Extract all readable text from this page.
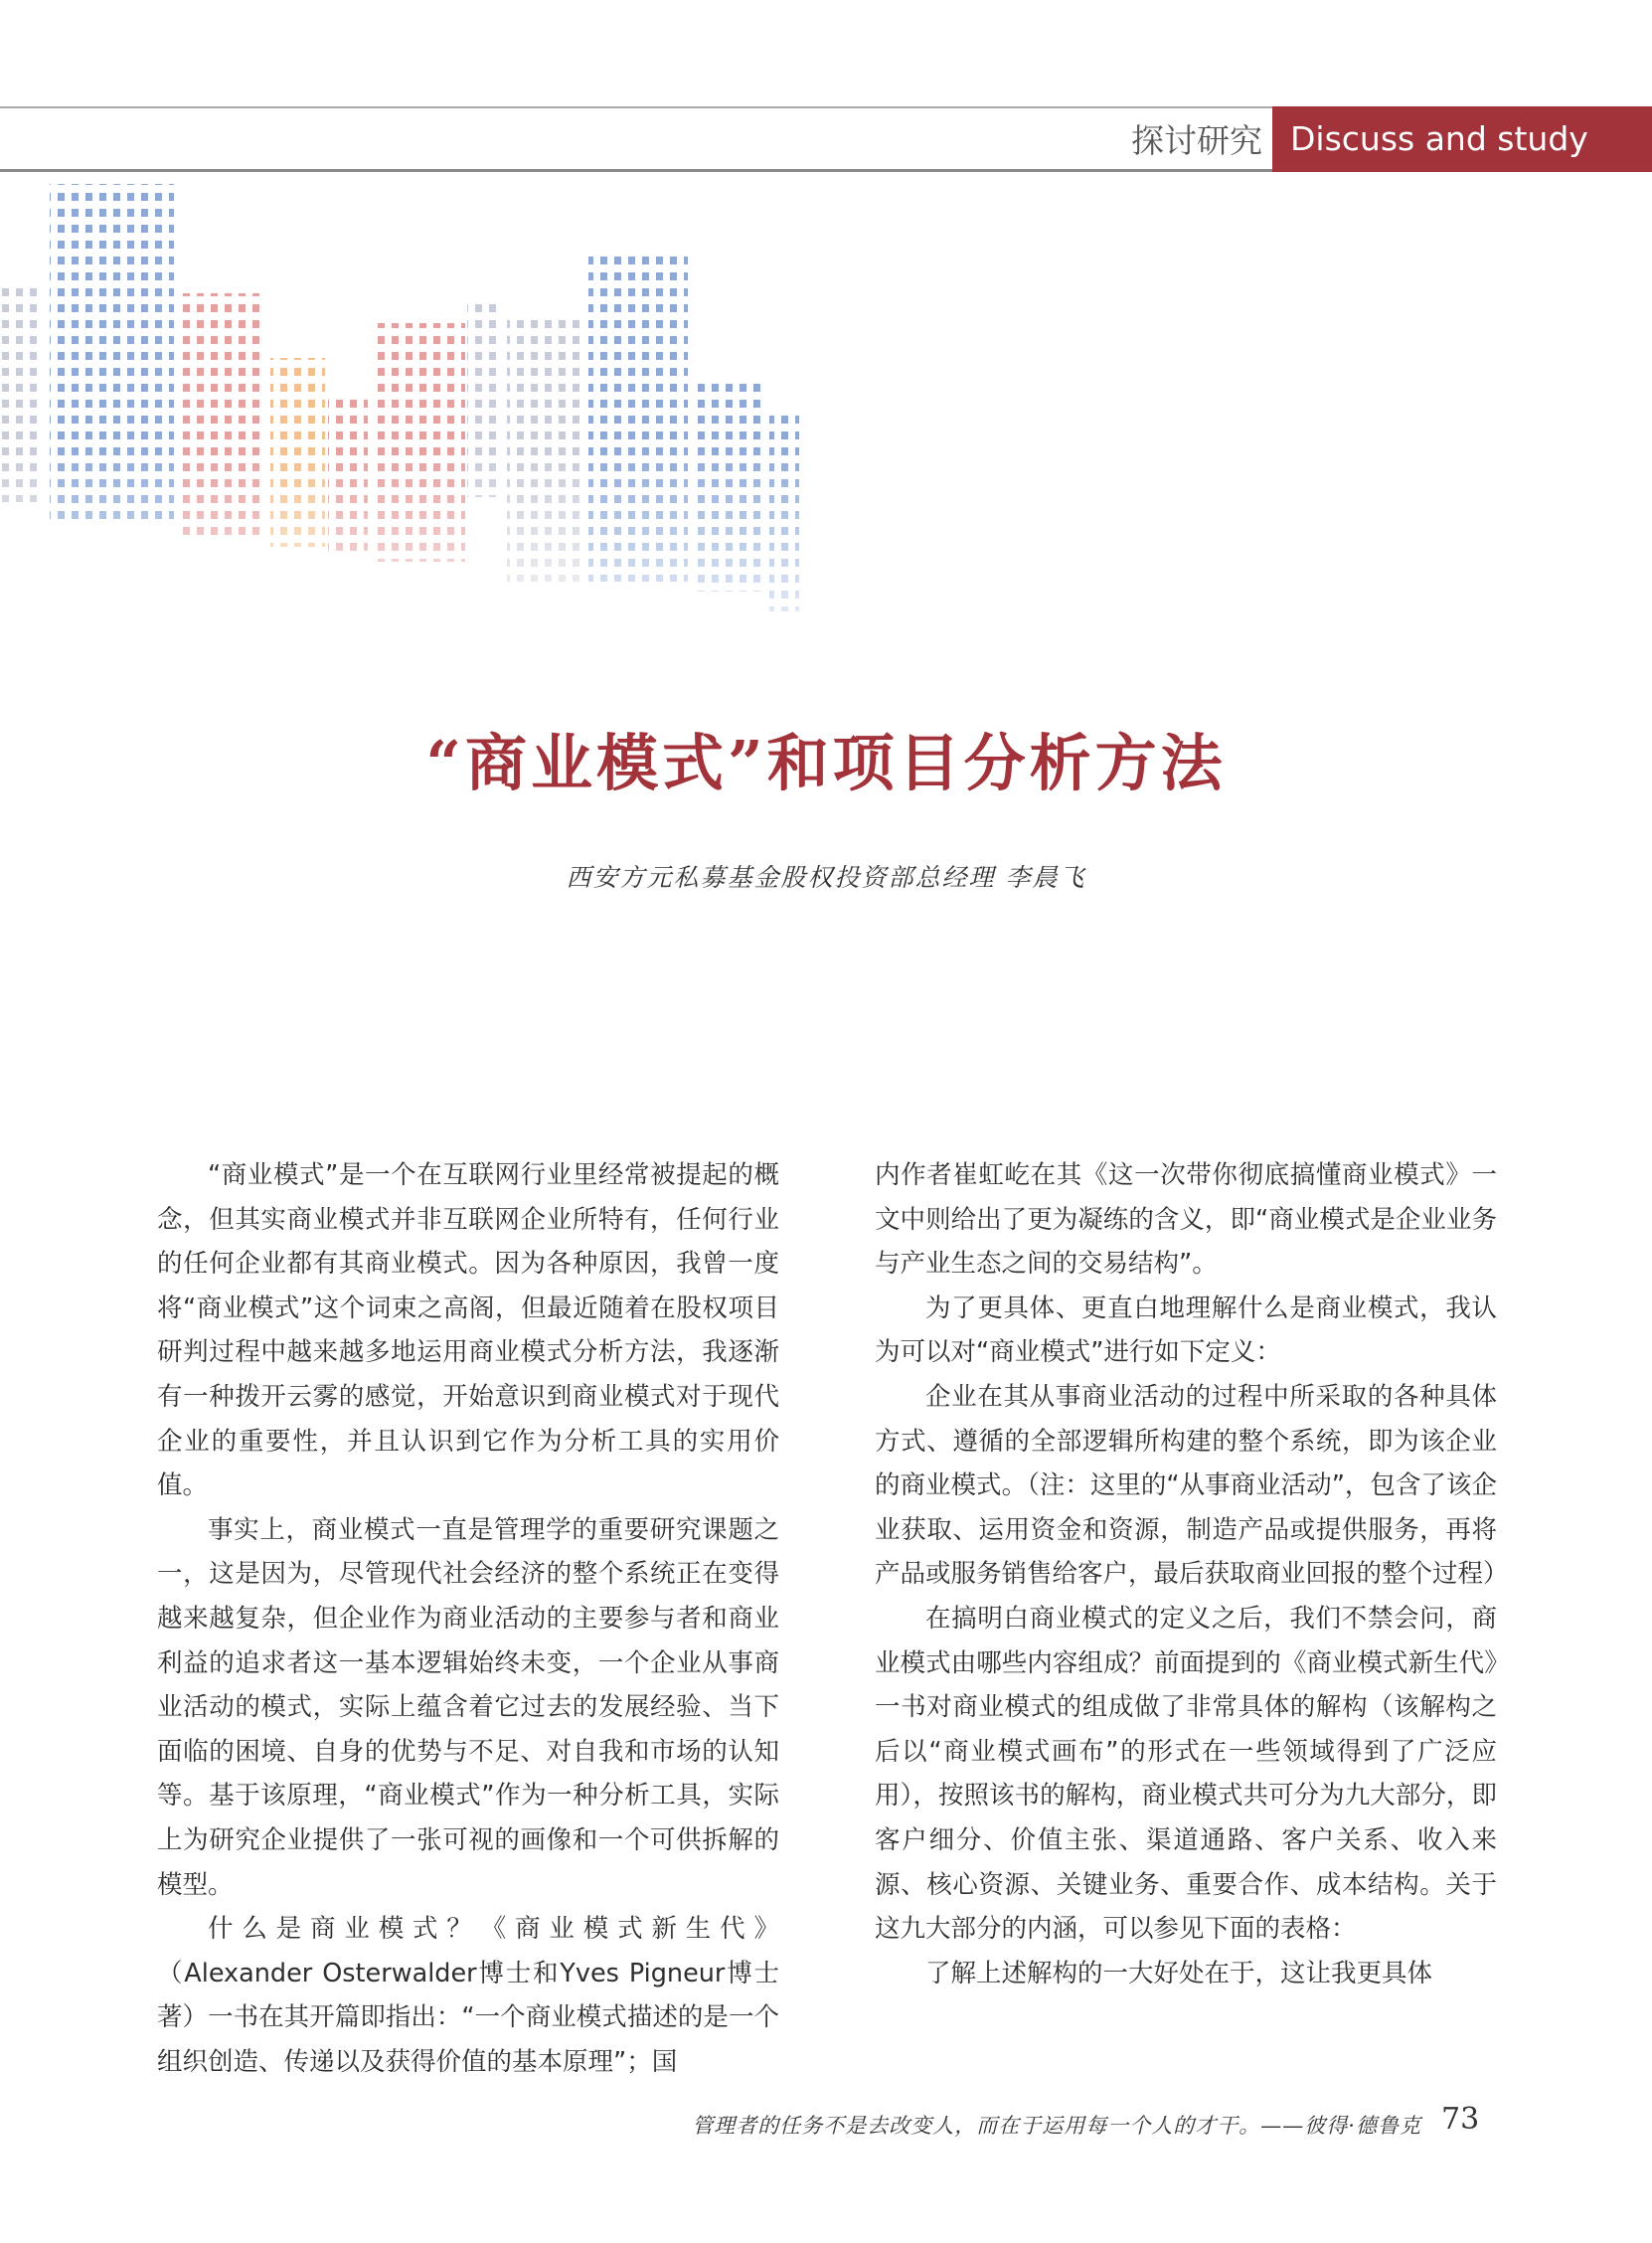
探讨研究 Discuss and study
“商业模式”和项目分析方法
西安方元私募基金股权投资部总经理 李晨飞

“商业模式”是一个在互联网行业里经常被提起的概念，但其实商业模式并非互联网企业所特有，任何行业的任何企业都有其商业模式。因为各种原因，我曾一度将“商业模式”这个词束之高阁，但最近随着在股权项目研判过程中越来越多地运用商业模式分析方法，我逐渐有一种拨开云雾的感觉，开始意识到商业模式对于现代企业的重要性，并且认识到它作为分析工具的实用价值。

事实上，商业模式一直是管理学的重要研究课题之一，这是因为，尽管现代社会经济的整个系统正在变得越来越复杂，但企业作为商业活动的主要参与者和商业利益的追求者这一基本逻辑始终未变，一个企业从事商业活动的模式，实际上蕴含着它过去的发展经验、当下面临的困境、自身的优势与不足、对自我和市场的认知等。基于该原理，“商业模式”作为一种分析工具，实际上为研究企业提供了一张可视的画像和一个可供拆解的模型。

什么是商业模式？《商业模式新生代》（Alexander Osterwalder博士和Yves Pigneur博士著）一书在其开篇即指出：“一个商业模式描述的是一个组织创造、传递以及获得价值的基本原理”；国

内作者崔虹屹在其《这一次带你彻底搞懂商业模式》一文中则给出了更为凝练的含义，即“商业模式是企业业务与产业生态之间的交易结构”。

为了更具体、更直白地理解什么是商业模式，我认为可以对“商业模式”进行如下定义：

企业在其从事商业活动的过程中所采取的各种具体方式、遵循的全部逻辑所构建的整个系统，即为该企业的商业模式。（注：这里的“从事商业活动”，包含了该企业获取、运用资金和资源，制造产品或提供服务，再将产品或服务销售给客户，最后获取商业回报的整个过程）

在搞明白商业模式的定义之后，我们不禁会问，商业模式由哪些内容组成？前面提到的《商业模式新生代》一书对商业模式的组成做了非常具体的解构（该解构之后以“商业模式画布”的形式在一些领域得到了广泛应用），按照该书的解构，商业模式共可分为九大部分，即客户细分、价值主张、渠道通路、客户关系、收入来源、核心资源、关键业务、重要合作、成本结构。关于这九大部分的内涵，可以参见下面的表格：

了解上述解构的一大好处在于，这让我更具体

管理者的任务不是去改变人，而在于运用每一个人的才干。——彼得·德鲁克 73
